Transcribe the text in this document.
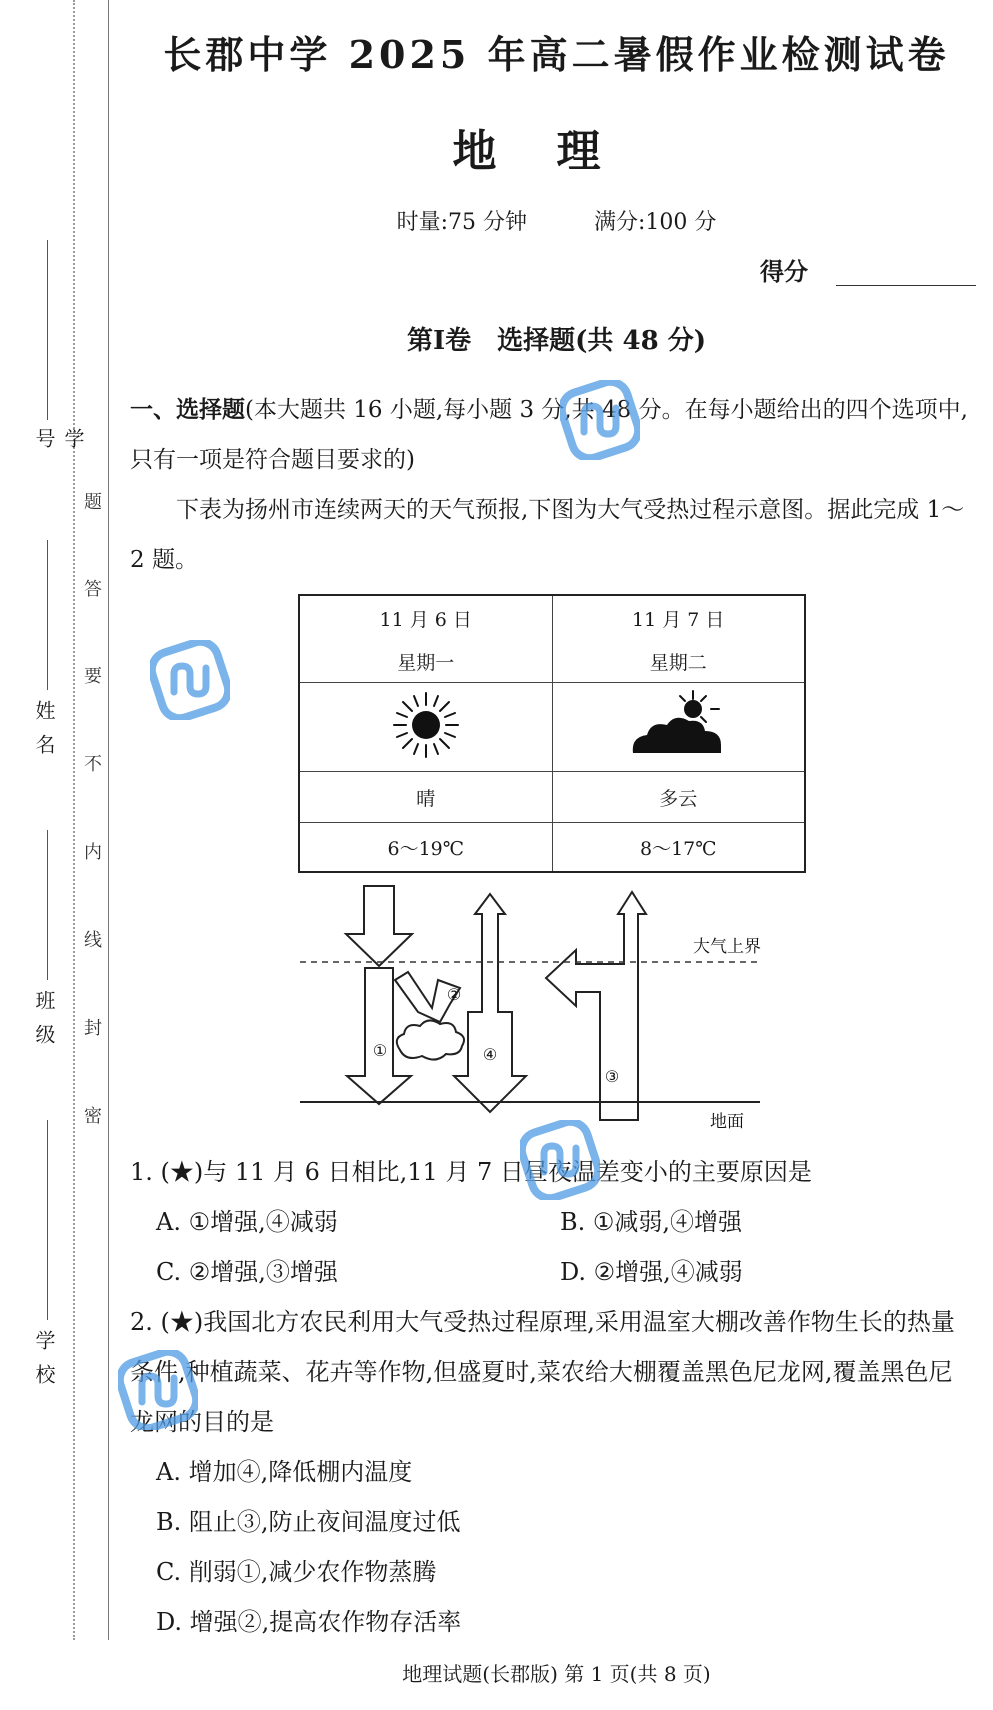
学号
姓名
班级
学校
题
答
要
不
内
线
封
密
长郡中学 2025 年高二暑假作业检测试卷
地理
时量:75 分钟	满分:100 分
得分
第Ⅰ卷　选择题(共 48 分)
一、选择题(本大题共 16 小题,每小题 3 分,共 48 分。在每小题给出的四个选项中,只有一项是符合题目要求的)
下表为扬州市连续两天的天气预报,下图为大气受热过程示意图。据此完成 1～2 题。
11 月 6 日	11 月 7 日
星期一	星期二

晴	多云
6～19℃	8～17℃
①
②
③
④
大气上界
地面
1. (★)与 11 月 6 日相比,11 月 7 日昼夜温差变小的主要原因是
A. ①增强,④减弱	B. ①减弱,④增强
C. ②增强,③增强	D. ②增强,④减弱
2. (★)我国北方农民利用大气受热过程原理,采用温室大棚改善作物生长的热量条件,种植蔬菜、花卉等作物,但盛夏时,菜农给大棚覆盖黑色尼龙网,覆盖黑色尼龙网的目的是
A. 增加④,降低棚内温度
B. 阻止③,防止夜间温度过低
C. 削弱①,减少农作物蒸腾
D. 增强②,提高农作物存活率
地理试题(长郡版) 第 1 页(共 8 页)
